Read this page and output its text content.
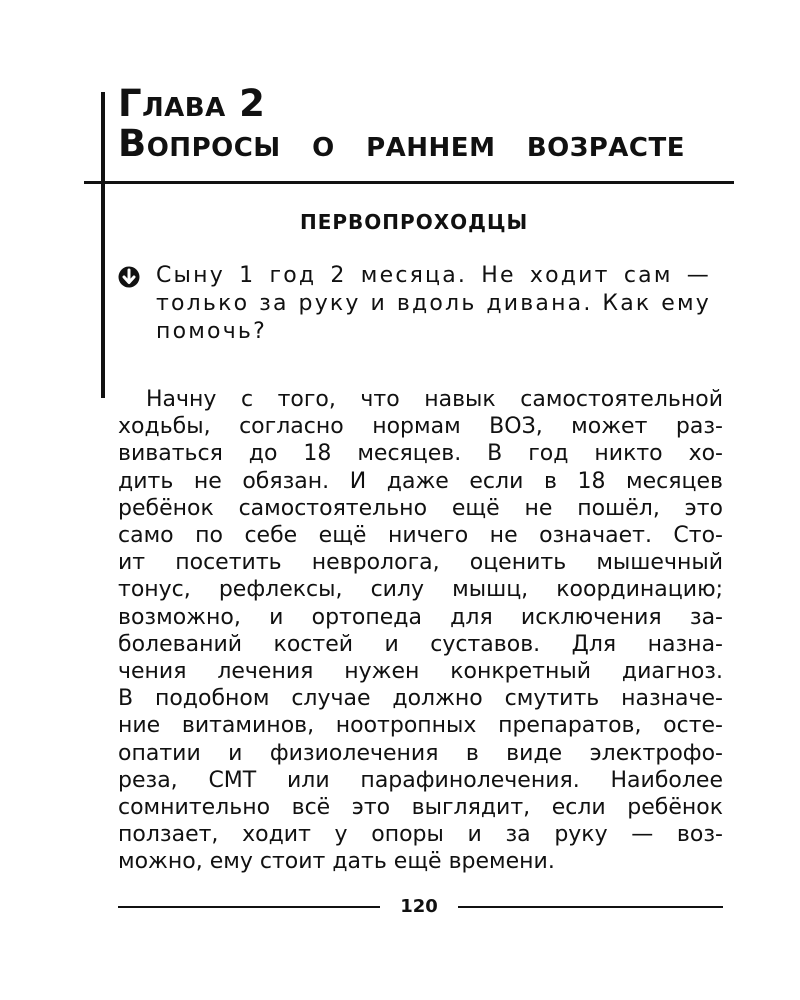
Глава 2
Вопросы о раннем возрасте
ПЕРВОПРОХОДЦЫ

Сыну 1 год 2 месяца. Не ходит сам — только за руку и вдоль дивана. Как ему помочь?

Начну с того, что навык самостоятельной
ходьбы, согласно нормам ВОЗ, может раз-
виваться до 18 месяцев. В год никто хо-
дить не обязан. И даже если в 18 месяцев
ребёнок самостоятельно ещё не пошёл, это
само по себе ещё ничего не означает. Сто-
ит посетить невролога, оценить мышечный
тонус, рефлексы, силу мышц, координацию;
возможно, и ортопеда для исключения за-
болеваний костей и суставов. Для назна-
чения лечения нужен конкретный диагноз.
В подобном случае должно смутить назначе-
ние витаминов, ноотропных препаратов, осте-
опатии и физиолечения в виде электрофо-
реза, СМТ или парафинолечения. Наиболее
сомнительно всё это выглядит, если ребёнок
ползает, ходит у опоры и за руку — воз-
можно, ему стоит дать ещё времени.

120
